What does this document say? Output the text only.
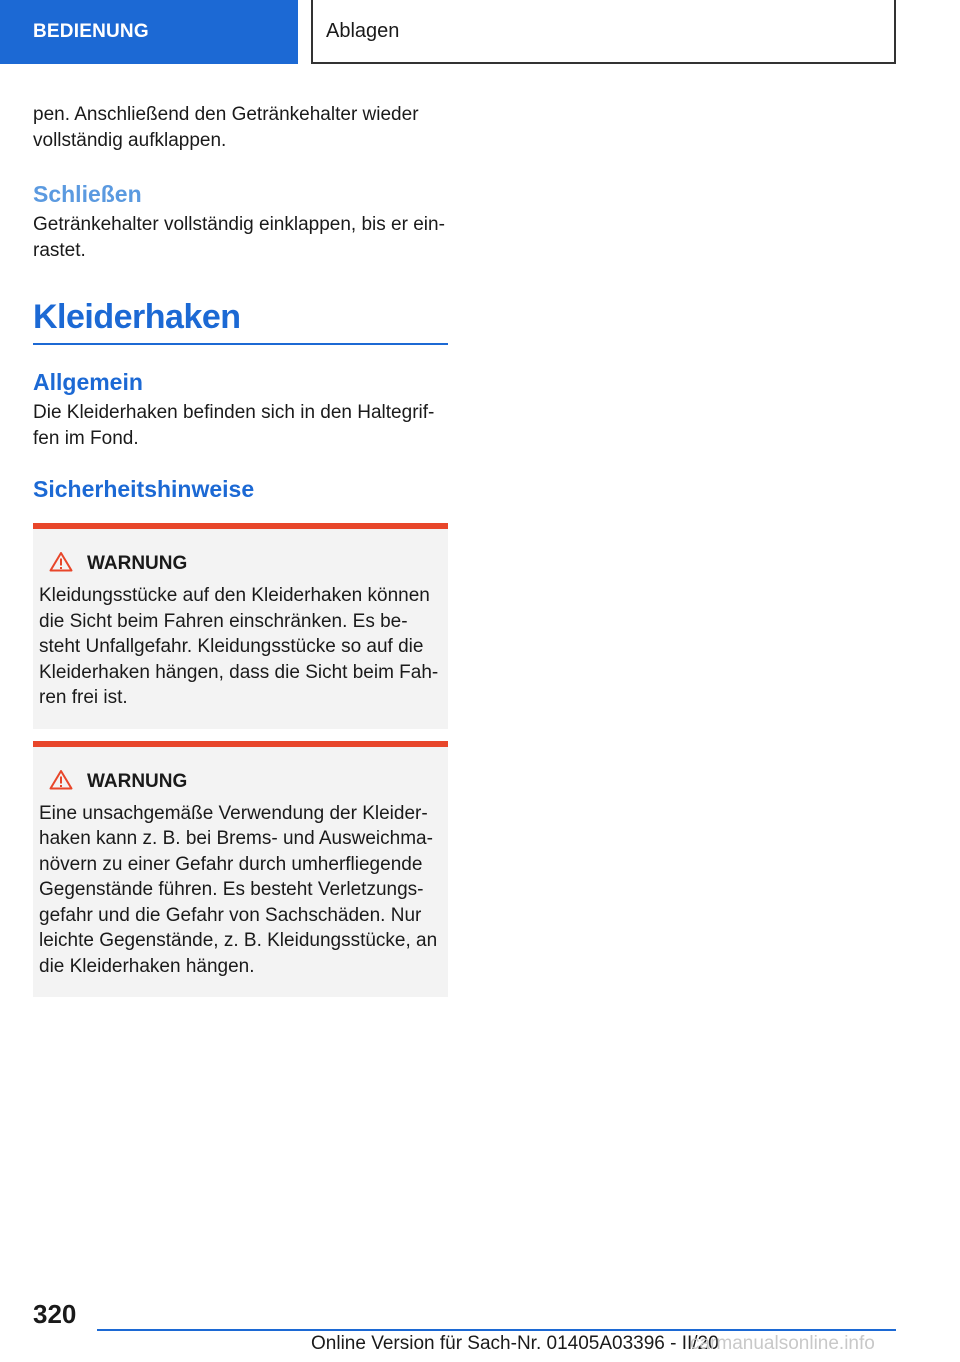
BEDIENUNG	Ablagen

pen. Anschließend den Getränkehalter wieder

vollständig aufklappen.

Schließen

Getränkehalter vollständig einklappen, bis er ein‐

rastet.

Kleiderhaken
Allgemein

Die Kleiderhaken befinden sich in den Haltegrif‐

fen im Fond.

Sicherheitshinweise
WARNUNG
Kleidungsstücke auf den Kleiderhaken können
die Sicht beim Fahren einschränken. Es be‐
steht Unfallgefahr. Kleidungsstücke so auf die
Kleiderhaken hängen, dass die Sicht beim Fah‐
ren frei ist.
WARNUNG
Eine unsachgemäße Verwendung der Kleider‐
haken kann z. B. bei Brems- und Ausweichma‐
növern zu einer Gefahr durch umherfliegende
Gegenstände führen. Es besteht Verletzungs‐
gefahr und die Gefahr von Sachschäden. Nur
leichte Gegenstände, z. B. Kleidungsstücke, an
die Kleiderhaken hängen.
320
Online Version für Sach-Nr. 01405A03396 - II/20
carmanualsonline.info
